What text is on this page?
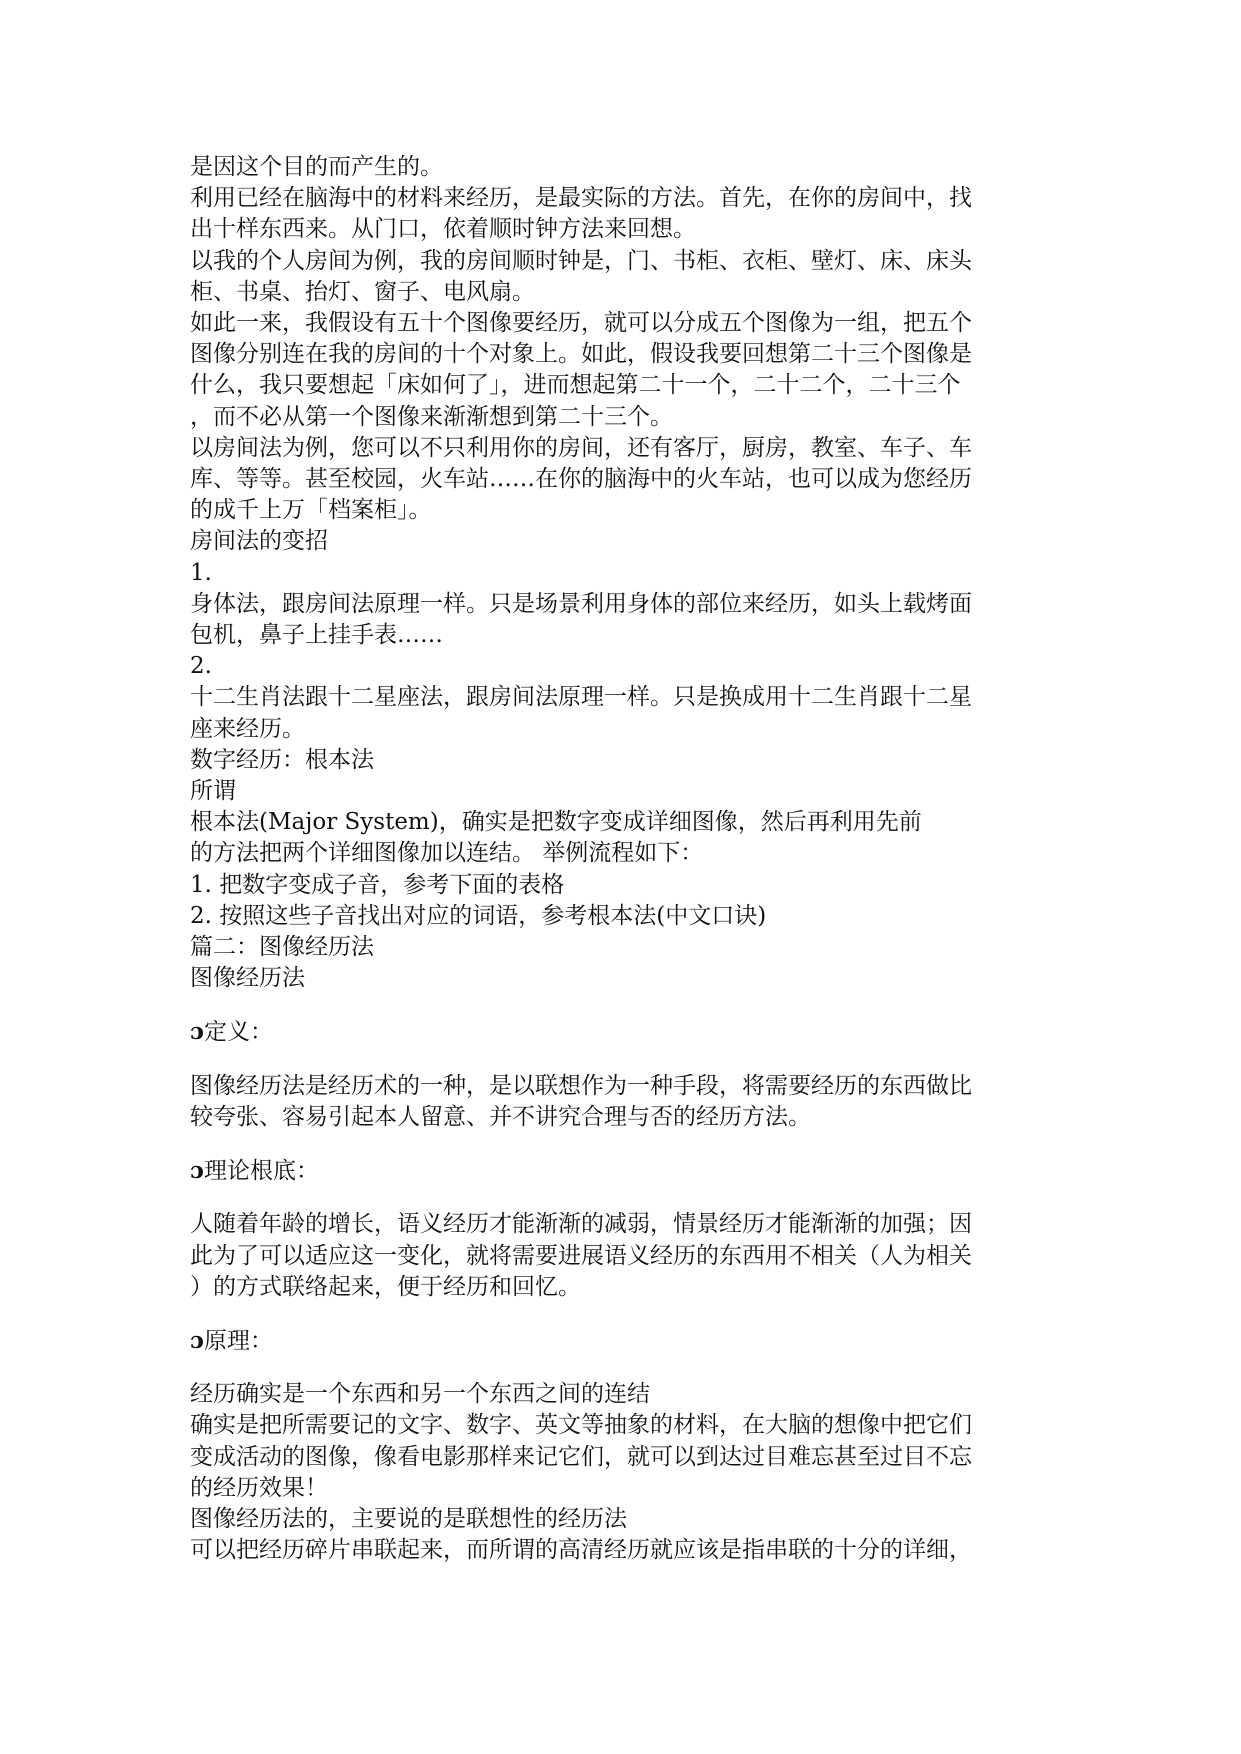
是因这个目的而产生的。
利用已经在脑海中的材料来经历，是最实际的方法。首先，在你的房间中，找
出十样东西来。从门口，依着顺时钟方法来回想。
以我的个人房间为例，我的房间顺时钟是，门、书柜、衣柜、壁灯、床、床头
柜、书桌、抬灯、窗子、电风扇。
如此一来，我假设有五十个图像要经历，就可以分成五个图像为一组，把五个
图像分别连在我的房间的十个对象上。如此，假设我要回想第二十三个图像是
什么，我只要想起「床如何了」，进而想起第二十一个，二十二个，二十三个
，而不必从第一个图像来渐渐想到第二十三个。
以房间法为例，您可以不只利用你的房间，还有客厅，厨房，教室、车子、车
库、等等。甚至校园，火车站……在你的脑海中的火车站，也可以成为您经历
的成千上万「档案柜」。
房间法的变招
1.
身体法，跟房间法原理一样。只是场景利用身体的部位来经历，如头上载烤面
包机，鼻子上挂手表……
2.
十二生肖法跟十二星座法，跟房间法原理一样。只是换成用十二生肖跟十二星
座来经历。
数字经历：根本法
所谓
根本法(Major System)，确实是把数字变成详细图像，然后再利用先前
的方法把两个详细图像加以连结。 举例流程如下：
1. 把数字变成子音，参考下面的表格
2. 按照这些子音找出对应的词语，参考根本法(中文口诀)
篇二：图像经历法
图像经历法
ɔ定义：
图像经历法是经历术的一种，是以联想作为一种手段，将需要经历的东西做比
较夸张、容易引起本人留意、并不讲究合理与否的经历方法。
ɔ理论根底：
人随着年龄的增长，语义经历才能渐渐的减弱，情景经历才能渐渐的加强；因
此为了可以适应这一变化，就将需要进展语义经历的东西用不相关（人为相关
）的方式联络起来，便于经历和回忆。
ɔ原理：
经历确实是一个东西和另一个东西之间的连结
确实是把所需要记的文字、数字、英文等抽象的材料，在大脑的想像中把它们
变成活动的图像，像看电影那样来记它们，就可以到达过目难忘甚至过目不忘
的经历效果！
图像经历法的，主要说的是联想性的经历法
可以把经历碎片串联起来，而所谓的高清经历就应该是指串联的十分的详细，
